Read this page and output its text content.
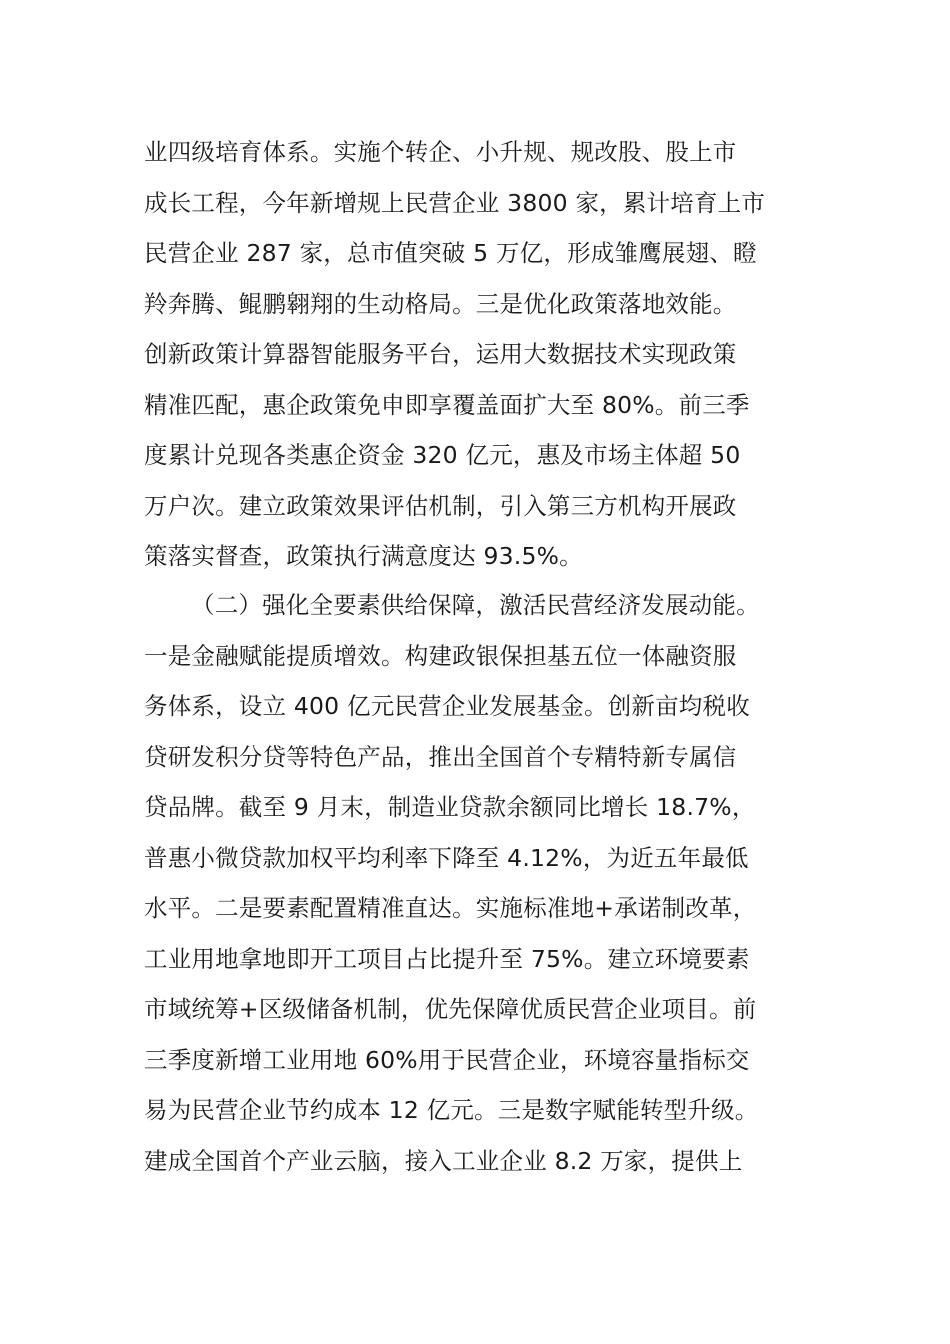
业四级培育体系。实施个转企、小升规、规改股、股上市
成长工程，今年新增规上民营企业 3800 家，累计培育上市
民营企业 287 家，总市值突破 5 万亿，形成雏鹰展翅、瞪
羚奔腾、鲲鹏翱翔的生动格局。三是优化政策落地效能。
创新政策计算器智能服务平台，运用大数据技术实现政策
精准匹配，惠企政策免申即享覆盖面扩大至 80%。前三季
度累计兑现各类惠企资金 320 亿元，惠及市场主体超 50
万户次。建立政策效果评估机制，引入第三方机构开展政
策落实督查，政策执行满意度达 93.5%。
（二）强化全要素供给保障，激活民营经济发展动能。
一是金融赋能提质增效。构建政银保担基五位一体融资服
务体系，设立 400 亿元民营企业发展基金。创新亩均税收
贷研发积分贷等特色产品，推出全国首个专精特新专属信
贷品牌。截至 9 月末，制造业贷款余额同比增长 18.7%，
普惠小微贷款加权平均利率下降至 4.12%，为近五年最低
水平。二是要素配置精准直达。实施标准地+承诺制改革，
工业用地拿地即开工项目占比提升至 75%。建立环境要素
市域统筹+区级储备机制，优先保障优质民营企业项目。前
三季度新增工业用地 60%用于民营企业，环境容量指标交
易为民营企业节约成本 12 亿元。三是数字赋能转型升级。
建成全国首个产业云脑，接入工业企业 8.2 万家，提供上
